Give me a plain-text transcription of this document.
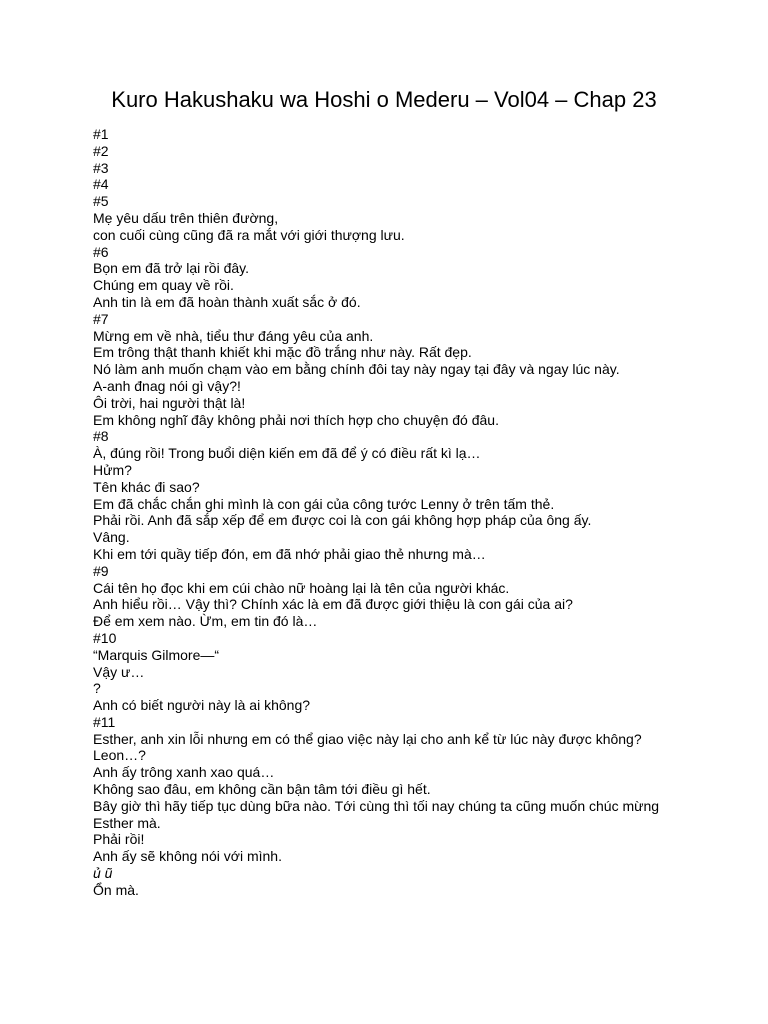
Kuro Hakushaku wa Hoshi o Mederu – Vol04 – Chap 23
#1
#2
#3
#4
#5
Mẹ yêu dấu trên thiên đường,
con cuối cùng cũng đã ra mắt với giới thượng lưu.
#6
Bọn em đã trở lại rồi đây.
Chúng em quay về rồi.
Anh tin là em đã hoàn thành xuất sắc ở đó.
#7
Mừng em về nhà, tiểu thư đáng yêu của anh.
Em trông thật thanh khiết khi mặc đồ trắng như này. Rất đẹp.
Nó làm anh muốn chạm vào em bằng chính đôi tay này ngay tại đây và ngay lúc này.
A-anh đnag nói gì vậy?!
Ôi trời, hai người thật là!
Em không nghĩ đây không phải nơi thích hợp cho chuyện đó đâu.
#8
À, đúng rồi! Trong buổi diện kiến em đã để ý có điều rất kì lạ…
Hửm?
Tên khác đi sao?
Em đã chắc chắn ghi mình là con gái của công tước Lenny ở trên tấm thẻ.
Phải rồi. Anh đã sắp xếp để em được coi là con gái không hợp pháp của ông ấy.
Vâng.
Khi em tới quầy tiếp đón, em đã nhớ phải giao thẻ nhưng mà…
#9
Cái tên họ đọc khi em cúi chào nữ hoàng lại là tên của người khác.
Anh hiểu rồi… Vậy thì? Chính xác là em đã được giới thiệu là con gái của ai?
Để em xem nào. Ừm, em tin đó là…
#10
“Marquis Gilmore—“
Vậy ư…
?
Anh có biết người này là ai không?
#11
Esther, anh xin lỗi nhưng em có thể giao việc này lại cho anh kể từ lúc này được không?
Leon…?
Anh ấy trông xanh xao quá…
Không sao đâu, em không cần bận tâm tới điều gì hết.
Bây giờ thì hãy tiếp tục dùng bữa nào. Tới cùng thì tối nay chúng ta cũng muốn chúc mừng Esther mà.
Phải rồi!
Anh ấy sẽ không nói với mình.
ủ ũ
Ổn mà.
